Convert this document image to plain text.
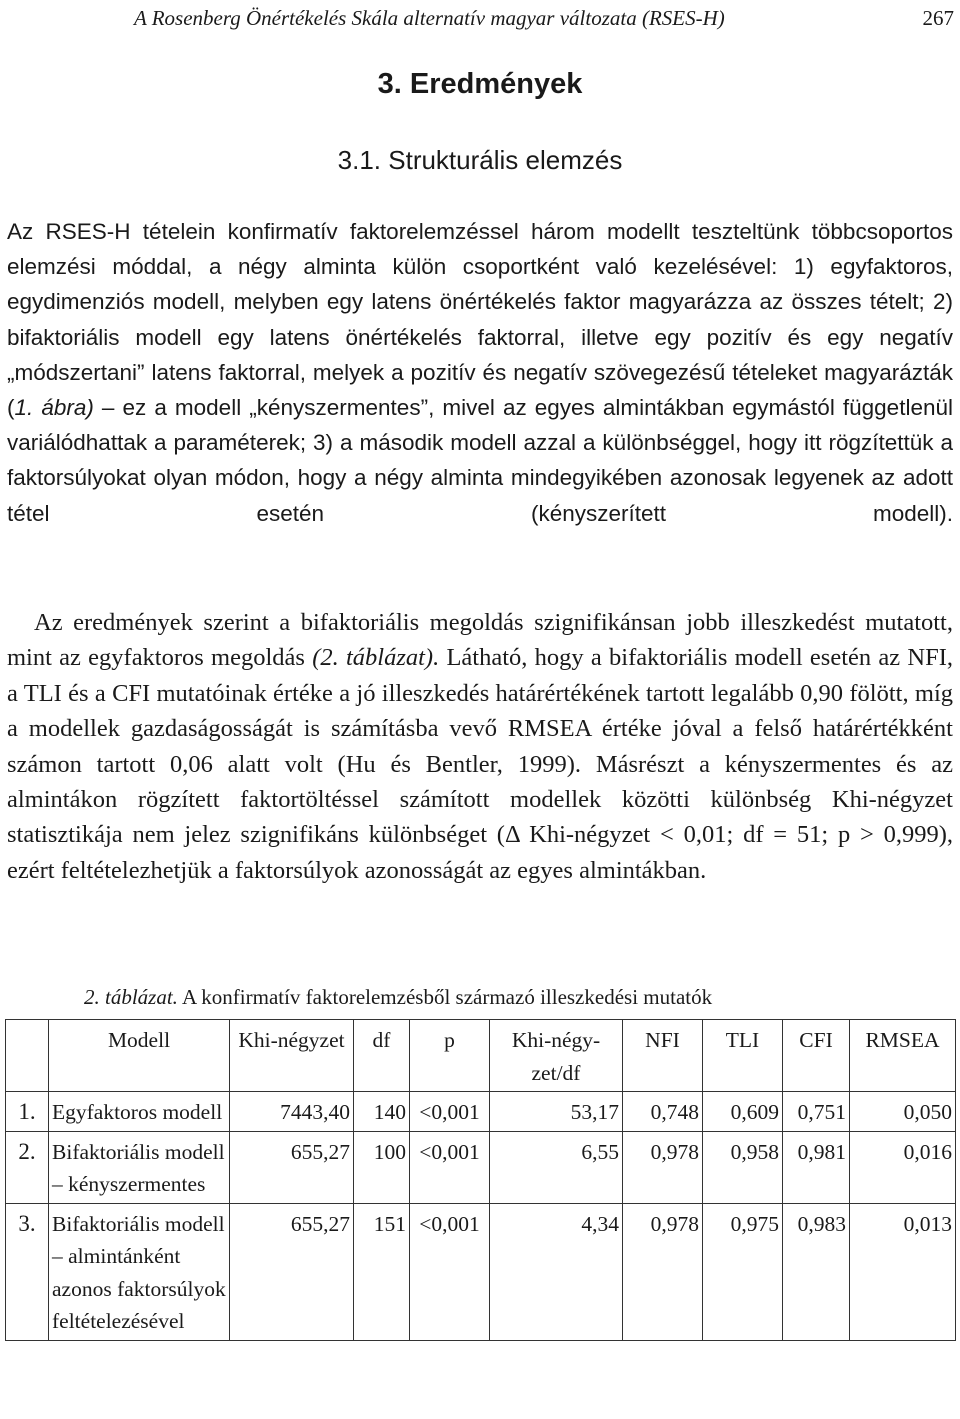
A Rosenberg Önértékelés Skála alternatív magyar változata (RSES-H)	267
3. Eredmények
3.1. Strukturális elemzés

Az RSES-H tételein konfirmatív faktorelemzéssel három modellt teszteltünk többcsoportos elemzési móddal, a négy alminta külön csoportként való kezelésével: 1) egyfaktoros, egydimenziós modell, melyben egy latens önértékelés faktor magyarázza az összes tételt; 2) bifaktoriális modell egy latens önértékelés faktorral, illetve egy pozitív és egy negatív „módszertani” latens faktorral, melyek a pozitív és negatív szövegezésű tételeket magyarázták (1. ábra) – ez a modell „kényszermentes”, mivel az egyes almintákban egymástól függetlenül variálódhattak a paraméterek; 3) a második modell azzal a különbséggel, hogy itt rögzítettük a faktorsúlyokat olyan módon, hogy a négy alminta mindegyikében azonosak legyenek az adott tétel esetén (kényszerített modell).

Az eredmények szerint a bifaktoriális megoldás szignifikánsan jobb illeszkedést mutatott, mint az egyfaktoros megoldás (2. táblázat). Látható, hogy a bifaktoriális modell esetén az NFI, a TLI és a CFI mutatóinak értéke a jó illeszkedés határértékének tartott legalább 0,90 fölött, míg a modellek gazdaságosságát is számításba vevő RMSEA értéke jóval a felső határértékként számon tartott 0,06 alatt volt (Hu és Bentler, 1999). Másrészt a kényszermentes és az almintákon rögzített faktortöltéssel számított modellek közötti különbség Khi-négyzet statisztikája nem jelez szignifikáns különbséget (Δ Khi-négyzet < 0,01; df = 51; p > 0,999), ezért feltételezhetjük a faktorsúlyok azonosságát az egyes almintákban.

2. táblázat. A konfirmatív faktorelemzésből származó illeszkedési mutatók
	Modell	Khi-négyzet	df	p	Khi-négyzet/df	NFI	TLI	CFI	RMSEA
1.	Egyfaktoros modell	7443,40	140	<0,001	53,17	0,748	0,609	0,751	0,050
2.	Bifaktoriális modell – kényszermentes	655,27	100	<0,001	6,55	0,978	0,958	0,981	0,016
3.	Bifaktoriális modell – almintánként azonos faktorsúlyok feltételezésével	655,27	151	<0,001	4,34	0,978	0,975	0,983	0,013
